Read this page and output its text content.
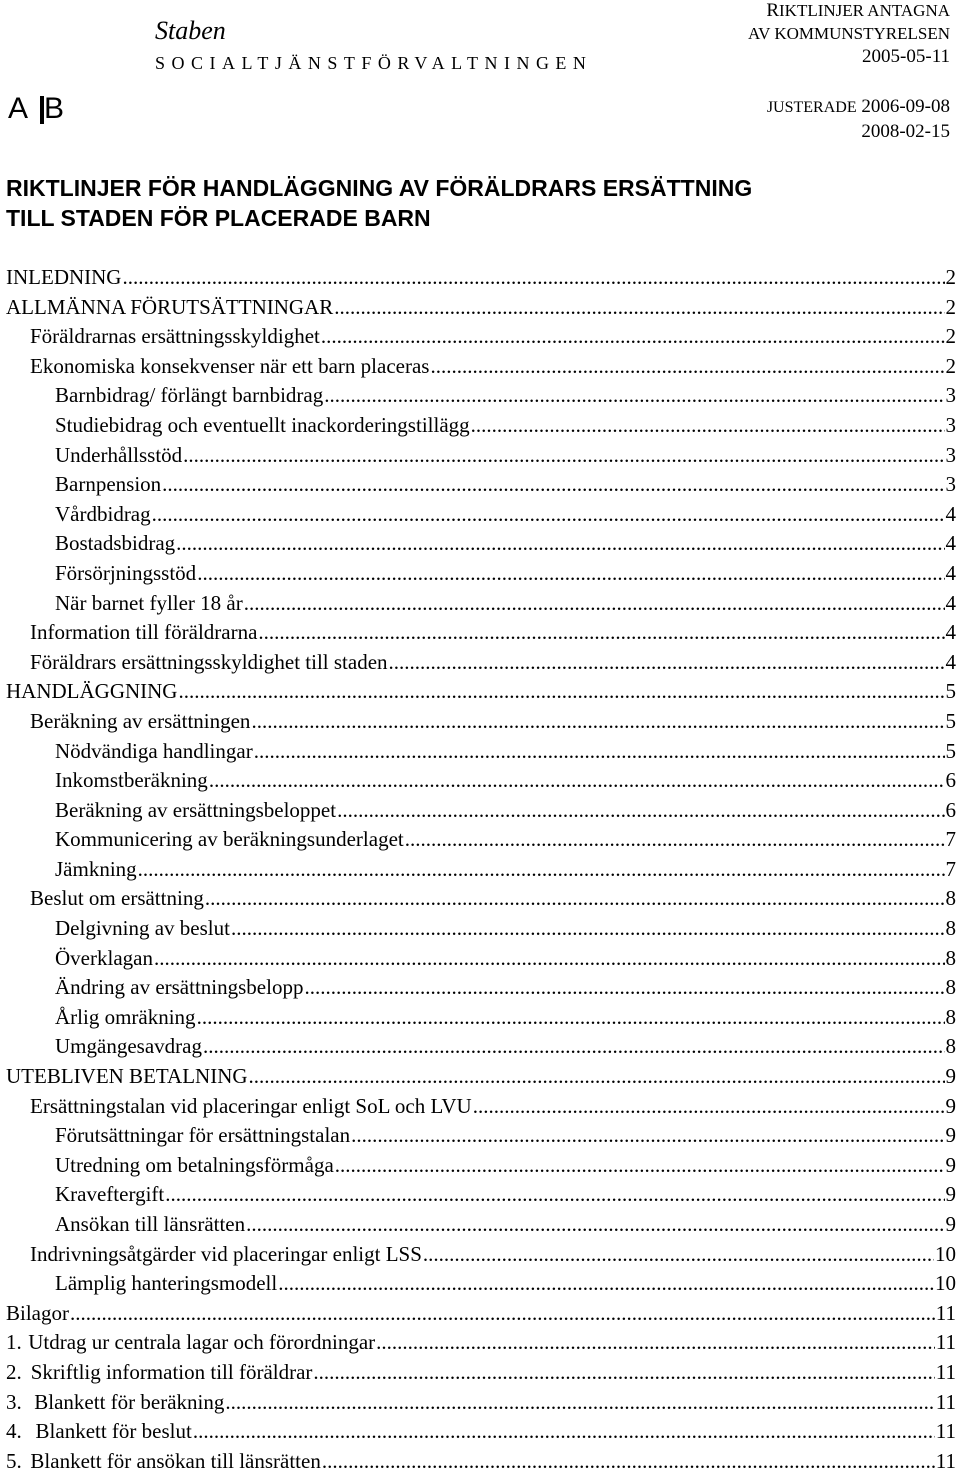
Staben
SOCIALTJÄNSTFÖRVALTNINGEN
A B
RIKTLINJER ANTAGNA
AV KOMMUNSTYRELSEN
2005-05-11
JUSTERADE 2006-09-08
2008-02-15
RIKTLINJER FÖR HANDLÄGGNING AV FÖRÄLDRARS ERSÄTTNING
TILL STADEN FÖR PLACERADE BARN
INLEDNING .....	2
ALLMÄNNA FÖRUTSÄTTNINGAR .....	2
Föräldrarnas ersättningsskyldighet .....	2
Ekonomiska konsekvenser när ett barn placeras .....	2
Barnbidrag/ förlängt barnbidrag .....	3
Studiebidrag och eventuellt inackorderingstillägg .....	3
Underhållsstöd .....	3
Barnpension .....	3
Vårdbidrag .....	4
Bostadsbidrag .....	4
Försörjningsstöd .....	4
När barnet fyller 18 år .....	4
Information till föräldrarna .....	4
Föräldrars ersättningsskyldighet till staden .....	4
HANDLÄGGNING .....	5
Beräkning av ersättningen .....	5
Nödvändiga handlingar .....	5
Inkomstberäkning .....	6
Beräkning av ersättningsbeloppet .....	6
Kommunicering av beräkningsunderlaget .....	7
Jämkning .....	7
Beslut om ersättning .....	8
Delgivning av beslut .....	8
Överklagan .....	8
Ändring av ersättningsbelopp .....	8
Årlig omräkning .....	8
Umgängesavdrag .....	8
UTEBLIVEN BETALNING .....	9
Ersättningstalan vid placeringar enligt SoL och LVU .....	9
Förutsättningar för ersättningstalan .....	9
Utredning om betalningsförmåga .....	9
Kraveftergift .....	9
Ansökan till länsrätten .....	9
Indrivningsåtgärder vid placeringar enligt LSS .....	10
Lämplig hanteringsmodell .....	10
Bilagor .....	11
1. Utdrag ur centrala lagar och förordningar .....	11
2. Skriftlig information till föräldrar .....	11
3. Blankett för beräkning .....	11
4. Blankett för beslut .....	11
5. Blankett för ansökan till länsrätten .....	11
